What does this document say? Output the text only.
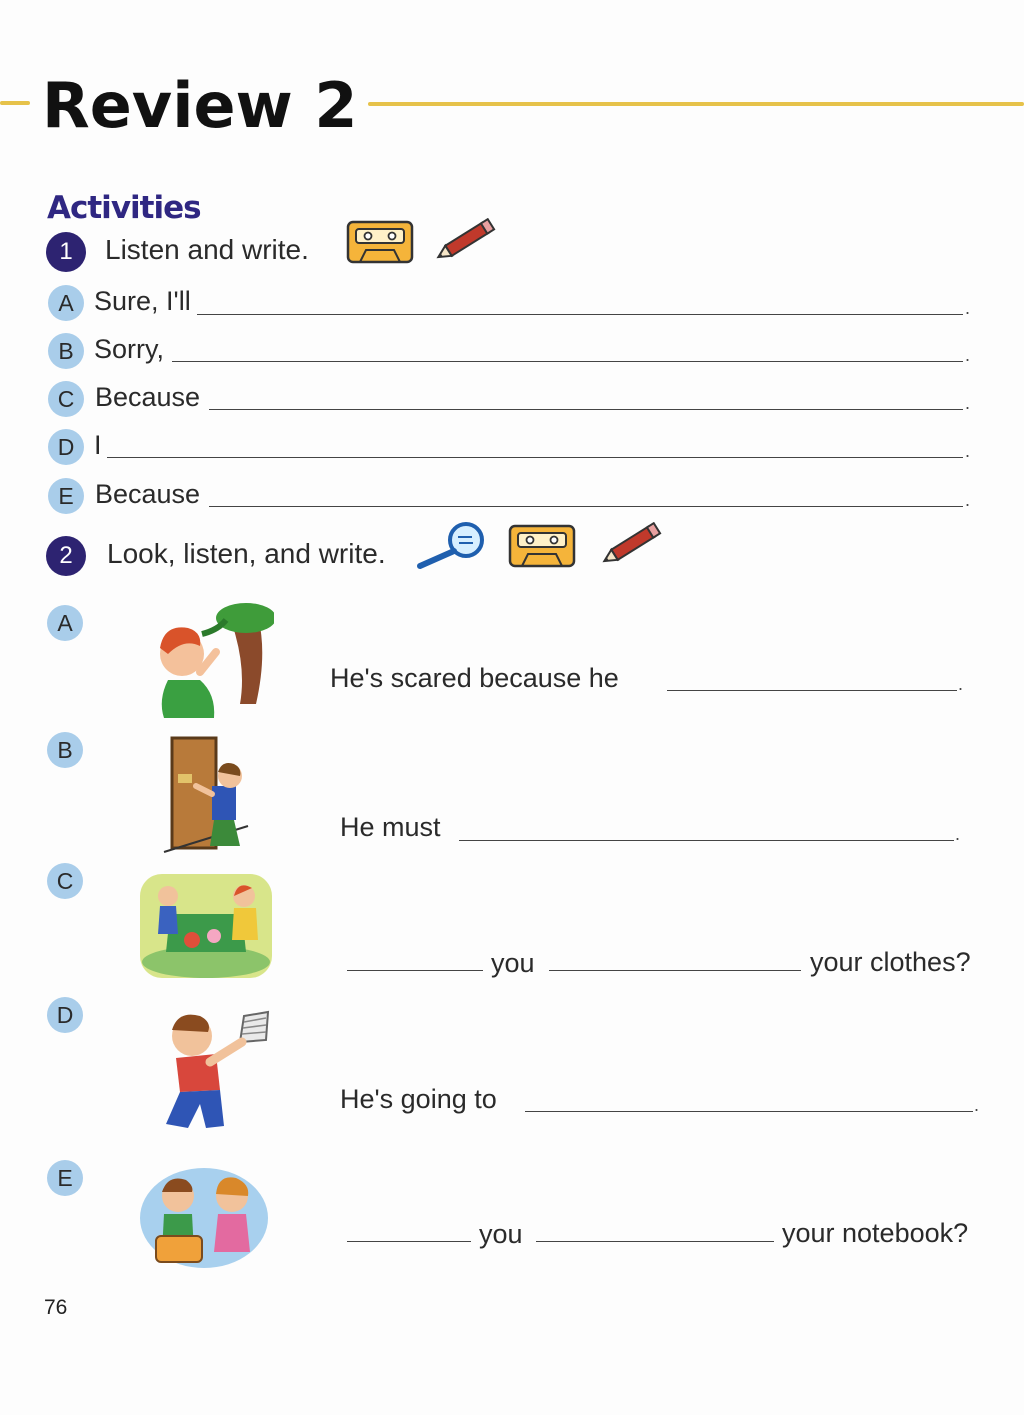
Review 2
Activities
1	Listen and write.
A Sure, I'll	.
B Sorry,	.
C Because	.
D I	.
E Because	.
2	Look, listen, and write.
A
He's scared because he	.
B
He must	.
C
you	your clothes?
D
He's going to	.
E
you	your notebook?
76
